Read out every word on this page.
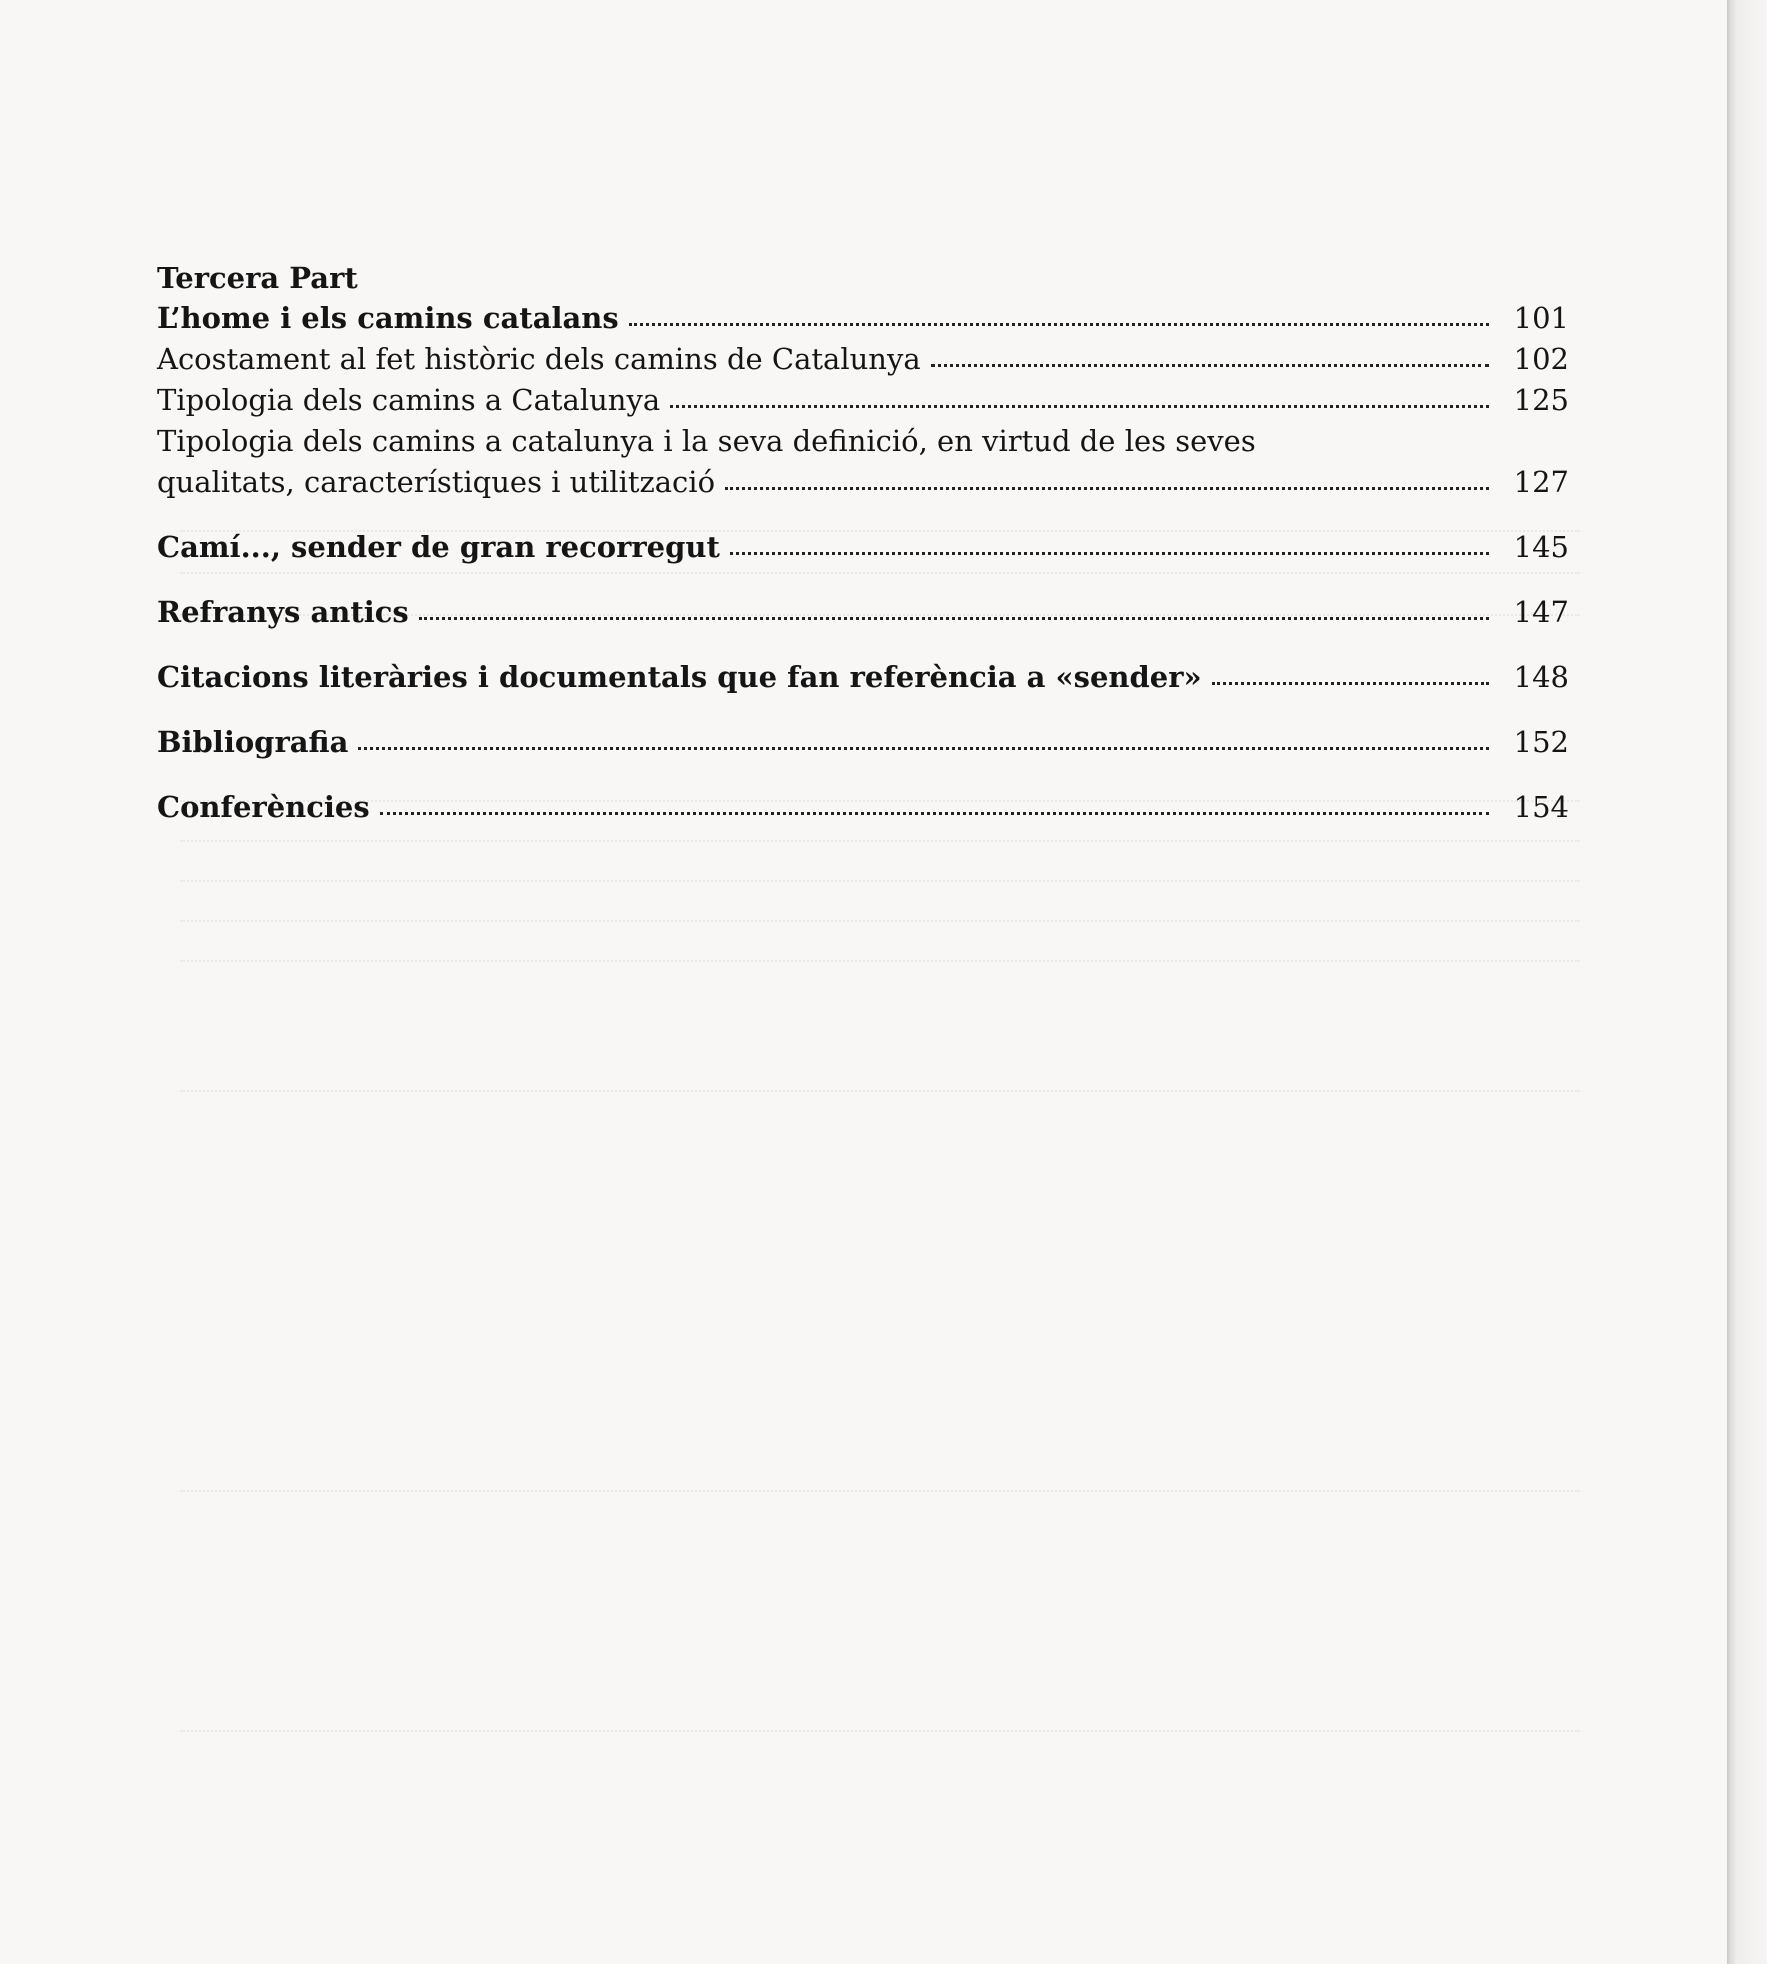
Tercera Part
L’home i els camins catalans	101
Acostament al fet històric dels camins de Catalunya	102
Tipologia dels camins a Catalunya	125
Tipologia dels camins a catalunya i la seva definició, en virtud de les seves
qualitats, característiques i utilització	127
Camí..., sender de gran recorregut	145
Refranys antics	147
Citacions literàries i documentals que fan referència a «sender»	148
Bibliografia	152
Conferències	154
